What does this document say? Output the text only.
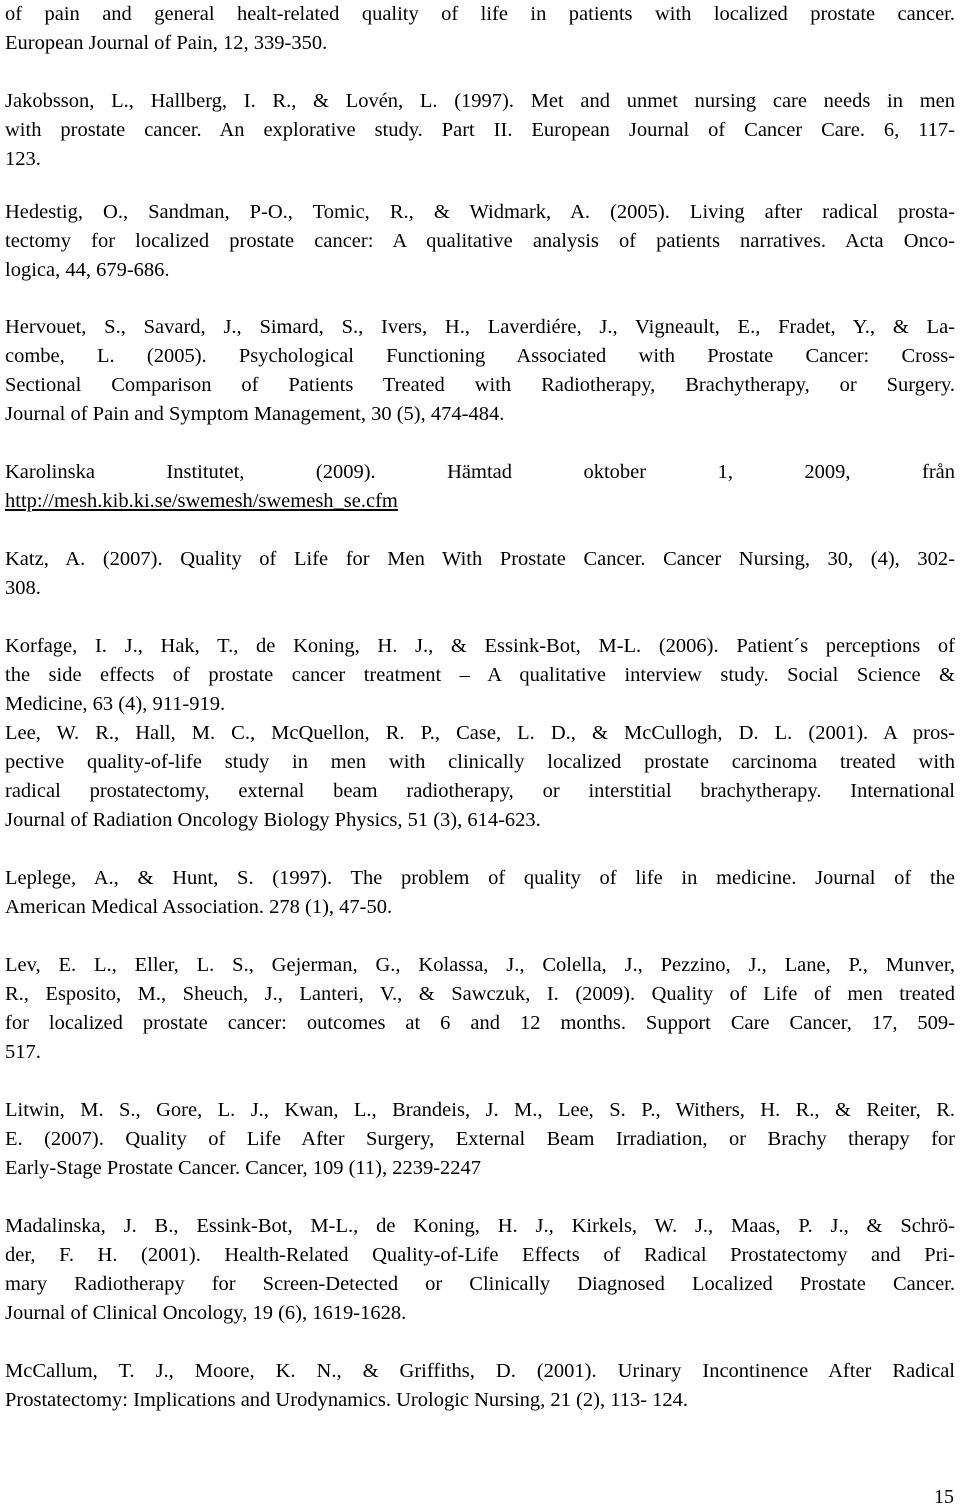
of pain and general healt-related quality of life in patients with localized prostate cancer.
European Journal of Pain, 12, 339-350.
Jakobsson, L., Hallberg, I. R., & Lovén, L. (1997). Met and unmet nursing care needs in men
with prostate cancer. An explorative study. Part II. European Journal of Cancer Care. 6, 117-
123.
Hedestig, O., Sandman, P-O., Tomic, R., & Widmark, A. (2005). Living after radical prosta-
tectomy for localized prostate cancer: A qualitative analysis of patients narratives. Acta Onco-
logica, 44, 679-686.
Hervouet, S., Savard, J., Simard, S., Ivers, H., Laverdiére, J., Vigneault, E., Fradet, Y., & La-
combe, L. (2005). Psychological Functioning Associated with Prostate Cancer: Cross-
Sectional Comparison of Patients Treated with Radiotherapy, Brachytherapy, or Surgery.
Journal of Pain and Symptom Management, 30 (5), 474-484.
Karolinska Institutet, (2009). Hämtad oktober 1, 2009, från
http://mesh.kib.ki.se/swemesh/swemesh_se.cfm
Katz, A. (2007). Quality of Life for Men With Prostate Cancer. Cancer Nursing, 30, (4), 302-
308.
Korfage, I. J., Hak, T., de Koning, H. J., & Essink-Bot, M-L. (2006). Patient´s perceptions of
the side effects of prostate cancer treatment – A qualitative interview study. Social Science &
Medicine, 63 (4), 911-919.
Lee, W. R., Hall, M. C., McQuellon, R. P., Case, L. D., & McCullogh, D. L. (2001). A pros-
pective quality-of-life study in men with clinically localized prostate carcinoma treated with
radical prostatectomy, external beam radiotherapy, or interstitial brachytherapy. International
Journal of Radiation Oncology Biology Physics, 51 (3), 614-623.
Leplege, A., & Hunt, S. (1997). The problem of quality of life in medicine. Journal of the
American Medical Association. 278 (1), 47-50.
Lev, E. L., Eller, L. S., Gejerman, G., Kolassa, J., Colella, J., Pezzino, J., Lane, P., Munver,
R., Esposito, M., Sheuch, J., Lanteri, V., & Sawczuk, I. (2009). Quality of Life of men treated
for localized prostate cancer: outcomes at 6 and 12 months. Support Care Cancer, 17, 509-
517.
Litwin, M. S., Gore, L. J., Kwan, L., Brandeis, J. M., Lee, S. P., Withers, H. R., & Reiter, R.
E. (2007). Quality of Life After Surgery, External Beam Irradiation, or Brachy therapy for
Early-Stage Prostate Cancer. Cancer, 109 (11), 2239-2247
Madalinska, J. B., Essink-Bot, M-L., de Koning, H. J., Kirkels, W. J., Maas, P. J., & Schrö-
der, F. H. (2001). Health-Related Quality-of-Life Effects of Radical Prostatectomy and Pri-
mary Radiotherapy for Screen-Detected or Clinically Diagnosed Localized Prostate Cancer.
Journal of Clinical Oncology, 19 (6), 1619-1628.
McCallum, T. J., Moore, K. N., & Griffiths, D. (2001). Urinary Incontinence After Radical
Prostatectomy: Implications and Urodynamics. Urologic Nursing, 21 (2), 113- 124.
15
